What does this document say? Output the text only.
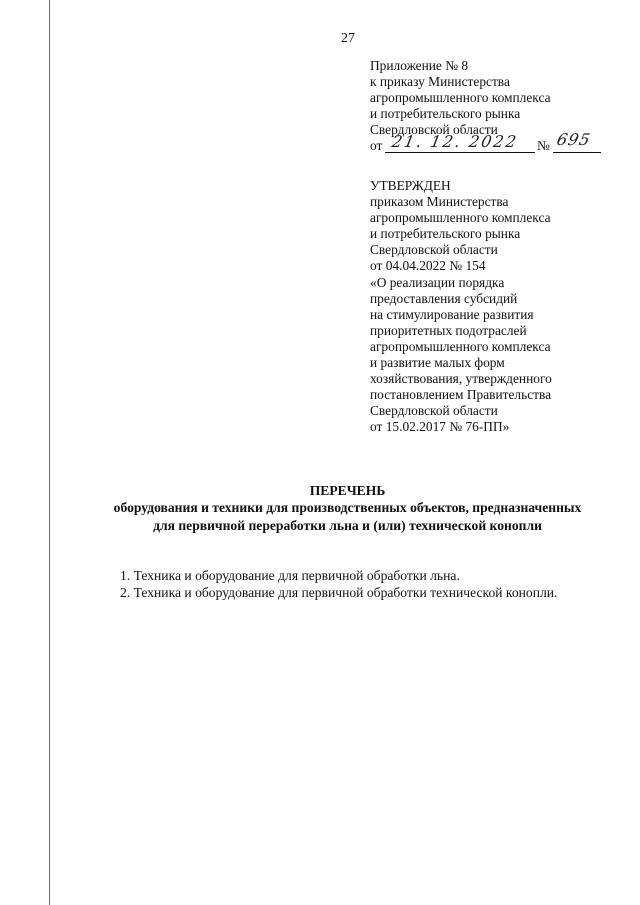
27
Приложение № 8
к приказу Министерства
агропромышленного комплекса
и потребительского рынка
Свердловской области
от 21. 12. 2022 № 695
УТВЕРЖДЕН
приказом Министерства
агропромышленного комплекса
и потребительского рынка
Свердловской области
от 04.04.2022 № 154
«О реализации порядка
предоставления субсидий
на стимулирование развития
приоритетных подотраслей
агропромышленного комплекса
и развитие малых форм
хозяйствования, утвержденного
постановлением Правительства
Свердловской области
от 15.02.2017 № 76-ПП»
ПЕРЕЧЕНЬ
оборудования и техники для производственных объектов, предназначенных
для первичной переработки льна и (или) технической конопли
1. Техника и оборудование для первичной обработки льна.
2. Техника и оборудование для первичной обработки технической конопли.
